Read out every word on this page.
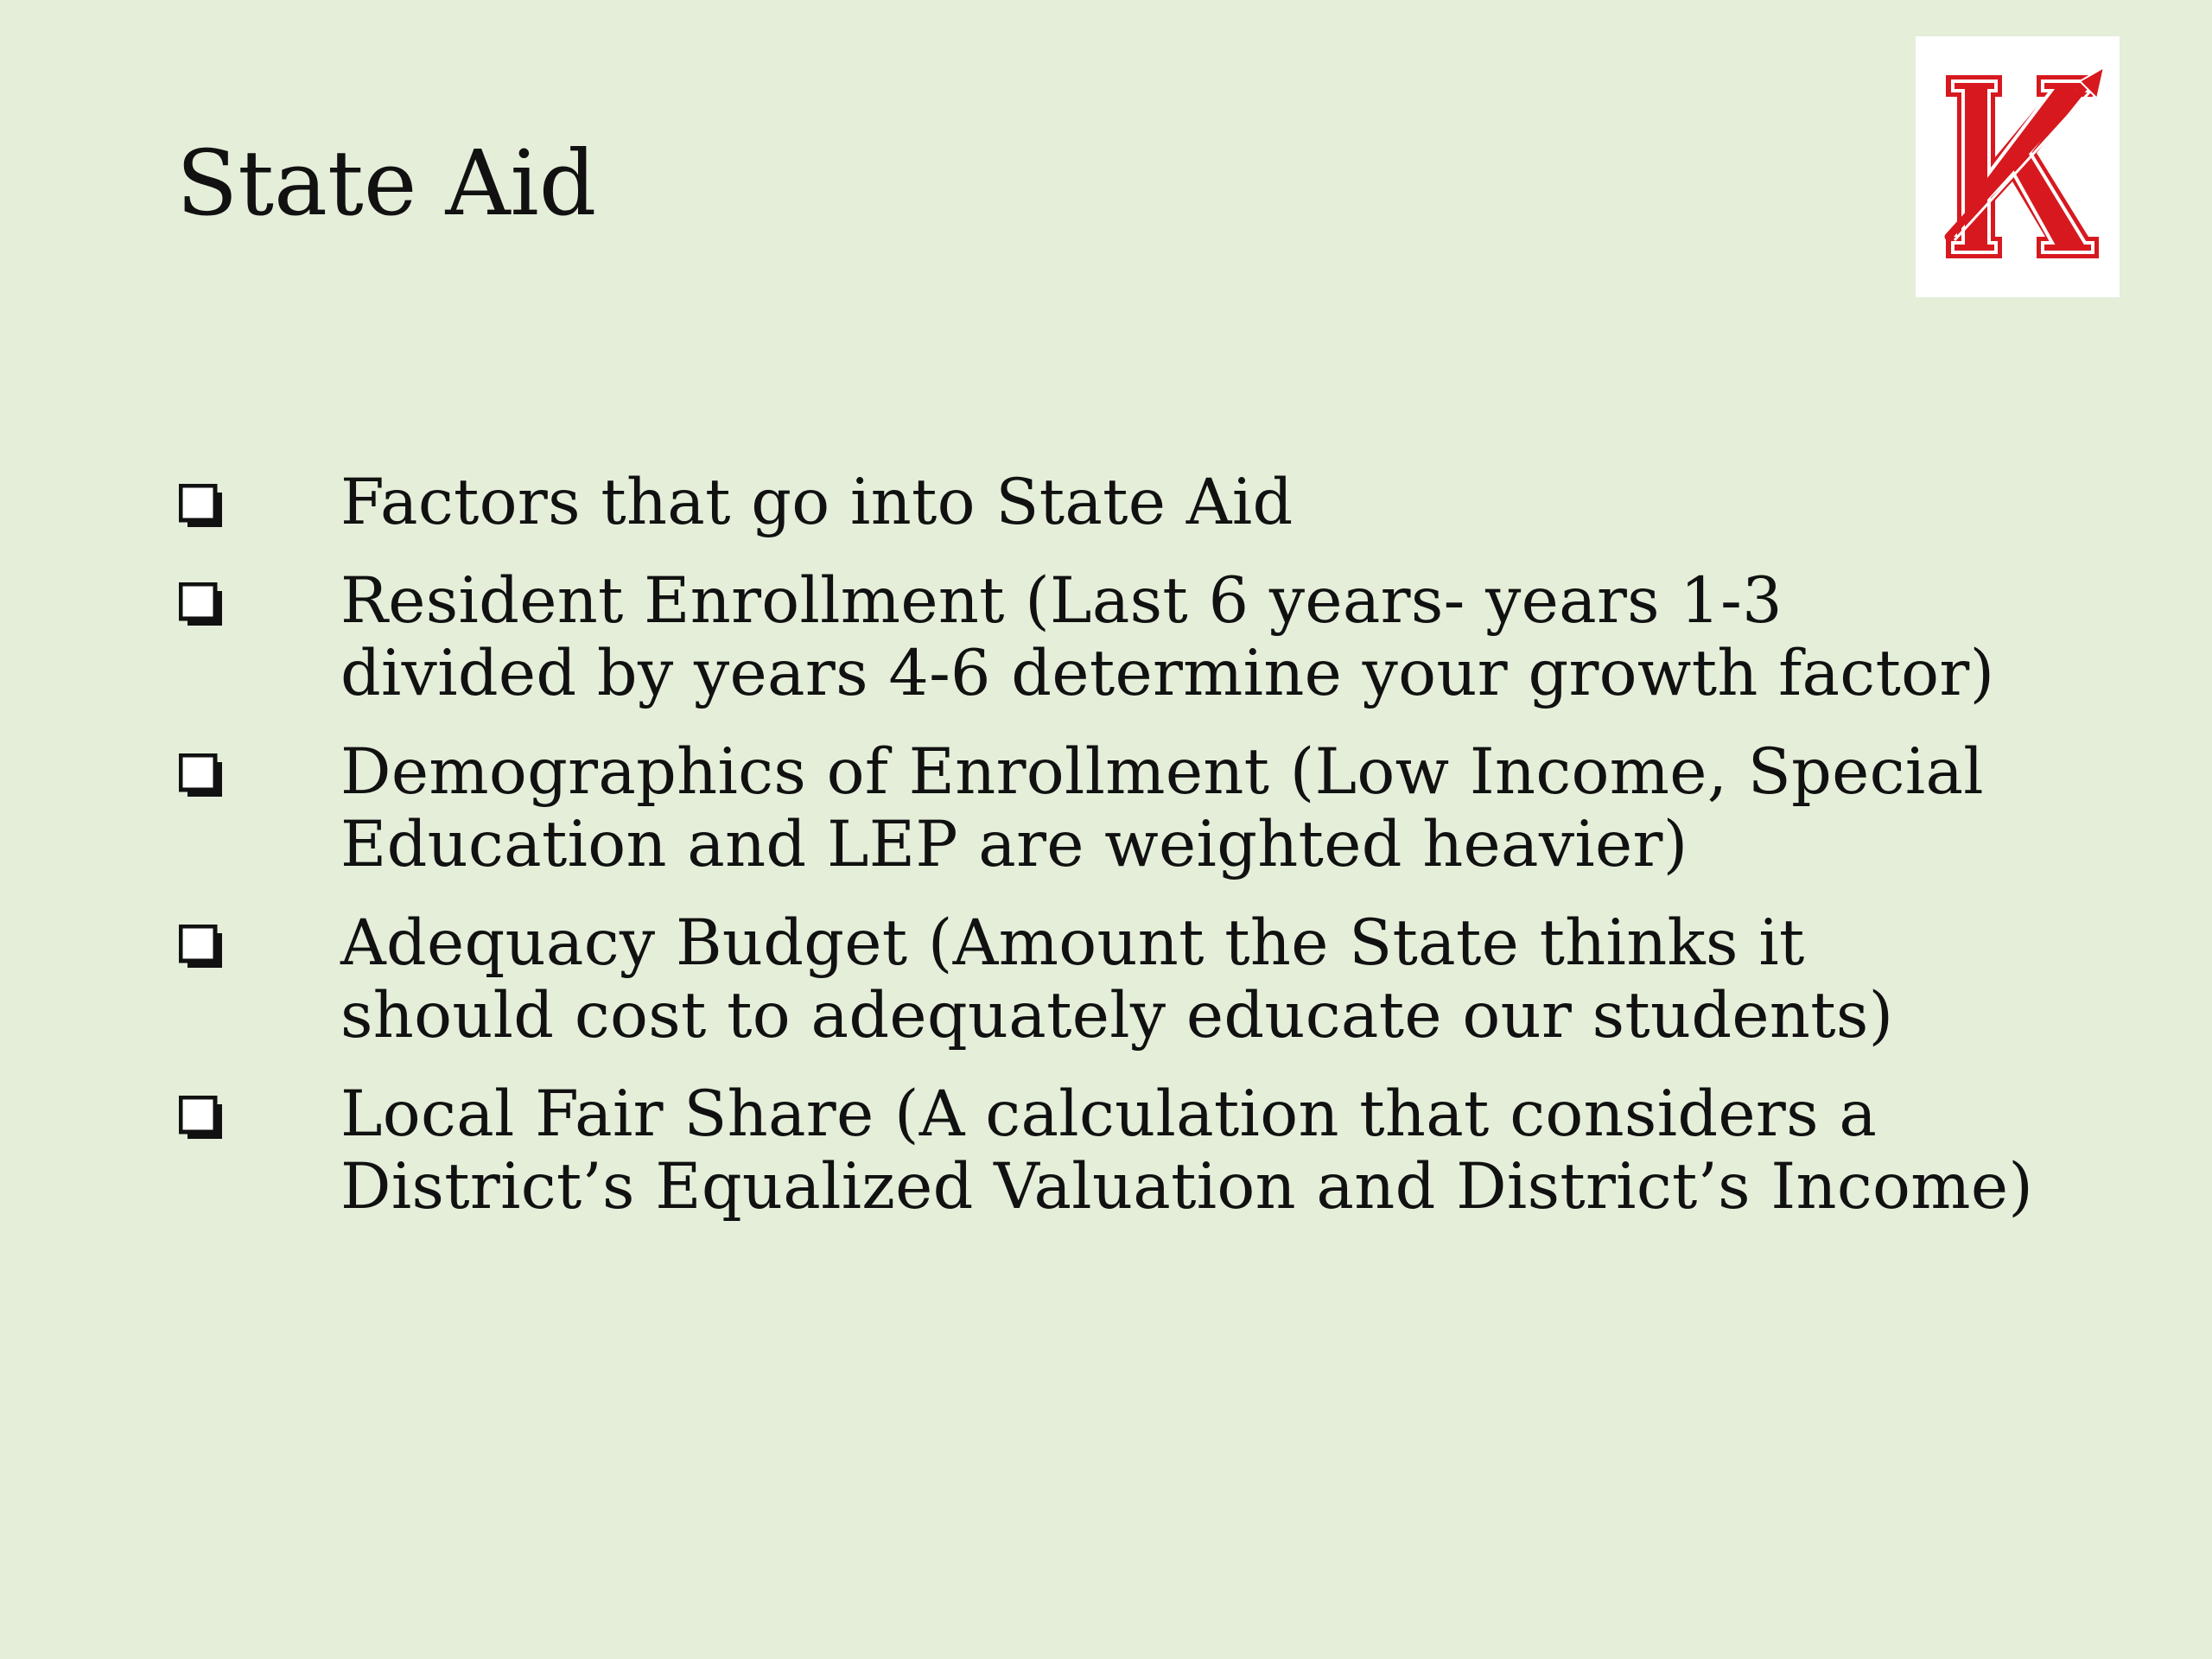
State Aid
Factors that go into State Aid
Resident Enrollment (Last 6 years- years 1-3 divided by years 4-6 determine your growth factor)
Demographics of Enrollment (Low Income, Special Education and LEP are weighted heavier)
Adequacy Budget (Amount the State thinks it should cost to adequately educate our students)
Local Fair Share (A calculation that considers a District’s Equalized Valuation and District’s Income)
